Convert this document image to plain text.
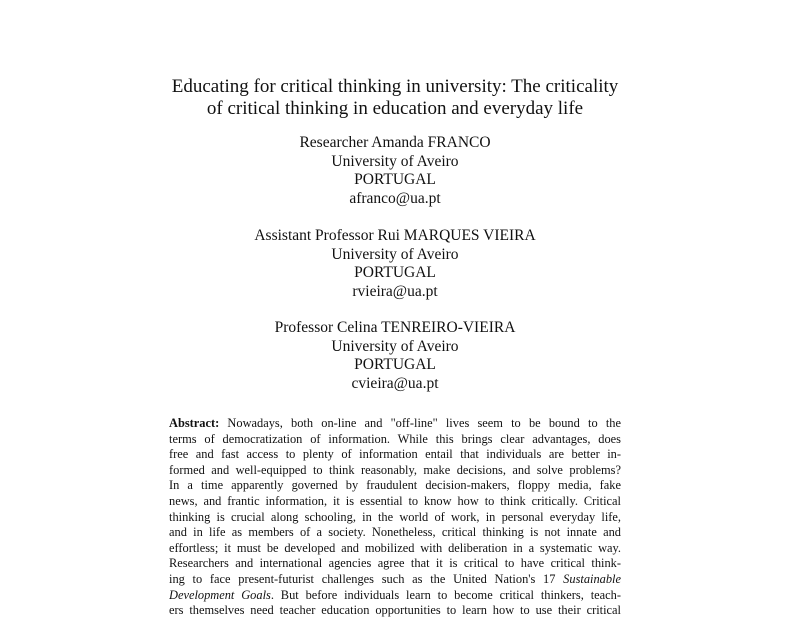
Educating for critical thinking in university: The criticality
of critical thinking in education and everyday life
Researcher Amanda FRANCO
University of Aveiro
PORTUGAL
afranco@ua.pt
Assistant Professor Rui MARQUES VIEIRA
University of Aveiro
PORTUGAL
rvieira@ua.pt
Professor Celina TENREIRO-VIEIRA
University of Aveiro
PORTUGAL
cvieira@ua.pt
Abstract: Nowadays, both on-line and "off-line" lives seem to be bound to the
terms of democratization of information. While this brings clear advantages, does
free and fast access to plenty of information entail that individuals are better in-
formed and well-equipped to think reasonably, make decisions, and solve problems?
In a time apparently governed by fraudulent decision-makers, floppy media, fake
news, and frantic information, it is essential to know how to think critically. Critical
thinking is crucial along schooling, in the world of work, in personal everyday life,
and in life as members of a society. Nonetheless, critical thinking is not innate and
effortless; it must be developed and mobilized with deliberation in a systematic way.
Researchers and international agencies agree that it is critical to have critical think-
ing to face present-futurist challenges such as the United Nation's 17 Sustainable
Development Goals. But before individuals learn to become critical thinkers, teach-
ers themselves need teacher education opportunities to learn how to use their critical
